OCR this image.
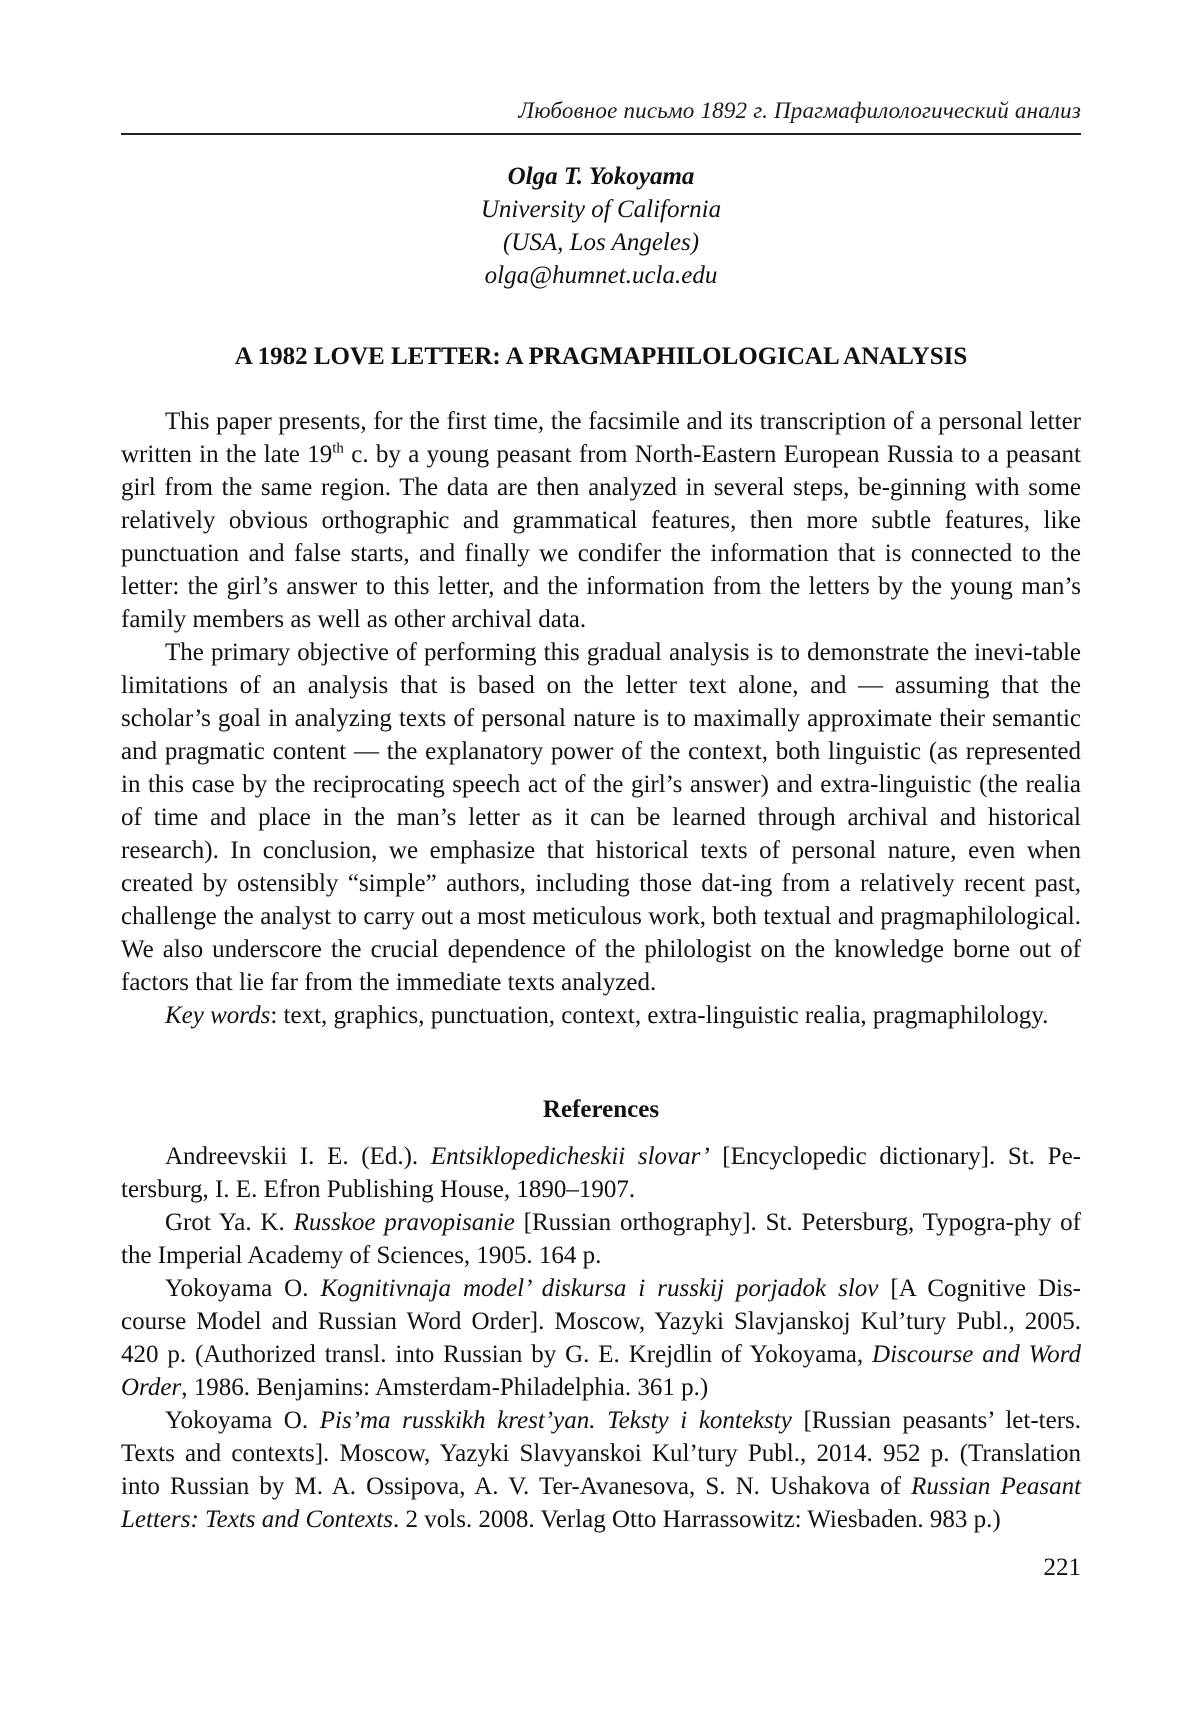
Любовное письмо 1892 г. Прагмафилологический анализ
Olga T. Yokoyama
University of California
(USA, Los Angeles)
olga@humnet.ucla.edu
A 1982 LOVE LETTER: A PRAGMAPHILOLOGICAL ANALYSIS

This paper presents, for the first time, the facsimile and its transcription of a personal letter written in the late 19th c. by a young peasant from North-Eastern European Russia to a peasant girl from the same region. The data are then analyzed in several steps, be-ginning with some relatively obvious orthographic and grammatical features, then more subtle features, like punctuation and false starts, and finally we condifer the information that is connected to the letter: the girl’s answer to this letter, and the information from the letters by the young man’s family members as well as other archival data.

The primary objective of performing this gradual analysis is to demonstrate the inevi-table limitations of an analysis that is based on the letter text alone, and — assuming that the scholar’s goal in analyzing texts of personal nature is to maximally approximate their semantic and pragmatic content — the explanatory power of the context, both linguistic (as represented in this case by the reciprocating speech act of the girl’s answer) and extra-linguistic (the realia of time and place in the man’s letter as it can be learned through archival and historical research). In conclusion, we emphasize that historical texts of personal nature, even when created by ostensibly “simple” authors, including those dat-ing from a relatively recent past, challenge the analyst to carry out a most meticulous work, both textual and pragmaphilological. We also underscore the crucial dependence of the philologist on the knowledge borne out of factors that lie far from the immediate texts analyzed.

Key words: text, graphics, punctuation, context, extra-linguistic realia, pragmaphilology.

References

Andreevskii I. E. (Ed.). Entsiklopedicheskii slovar’ [Encyclopedic dictionary]. St. Pe-tersburg, I. E. Efron Publishing House, 1890–1907.

Grot Ya. K. Russkoe pravopisanie [Russian orthography]. St. Petersburg, Typogra-phy of the Imperial Academy of Sciences, 1905. 164 p.

Yokoyama O. Kognitivnaja model’ diskursa i russkij porjadok slov [A Cognitive Dis-course Model and Russian Word Order]. Moscow, Yazyki Slavjanskoj Kul’tury Publ., 2005. 420 p. (Authorized transl. into Russian by G. E. Krejdlin of Yokoyama, Discourse and Word Order, 1986. Benjamins: Amsterdam-Philadelphia. 361 p.)

Yokoyama O. Pis’ma russkikh krest’yan. Teksty i konteksty [Russian peasants’ let-ters. Texts and contexts]. Moscow, Yazyki Slavyanskoi Kul’tury Publ., 2014. 952 p. (Translation into Russian by M. A. Ossipova, A. V. Ter-Avanesova, S. N. Ushakova of Russian Peasant Letters: Texts and Contexts. 2 vols. 2008. Verlag Otto Harrassowitz: Wiesbaden. 983 p.)

221
